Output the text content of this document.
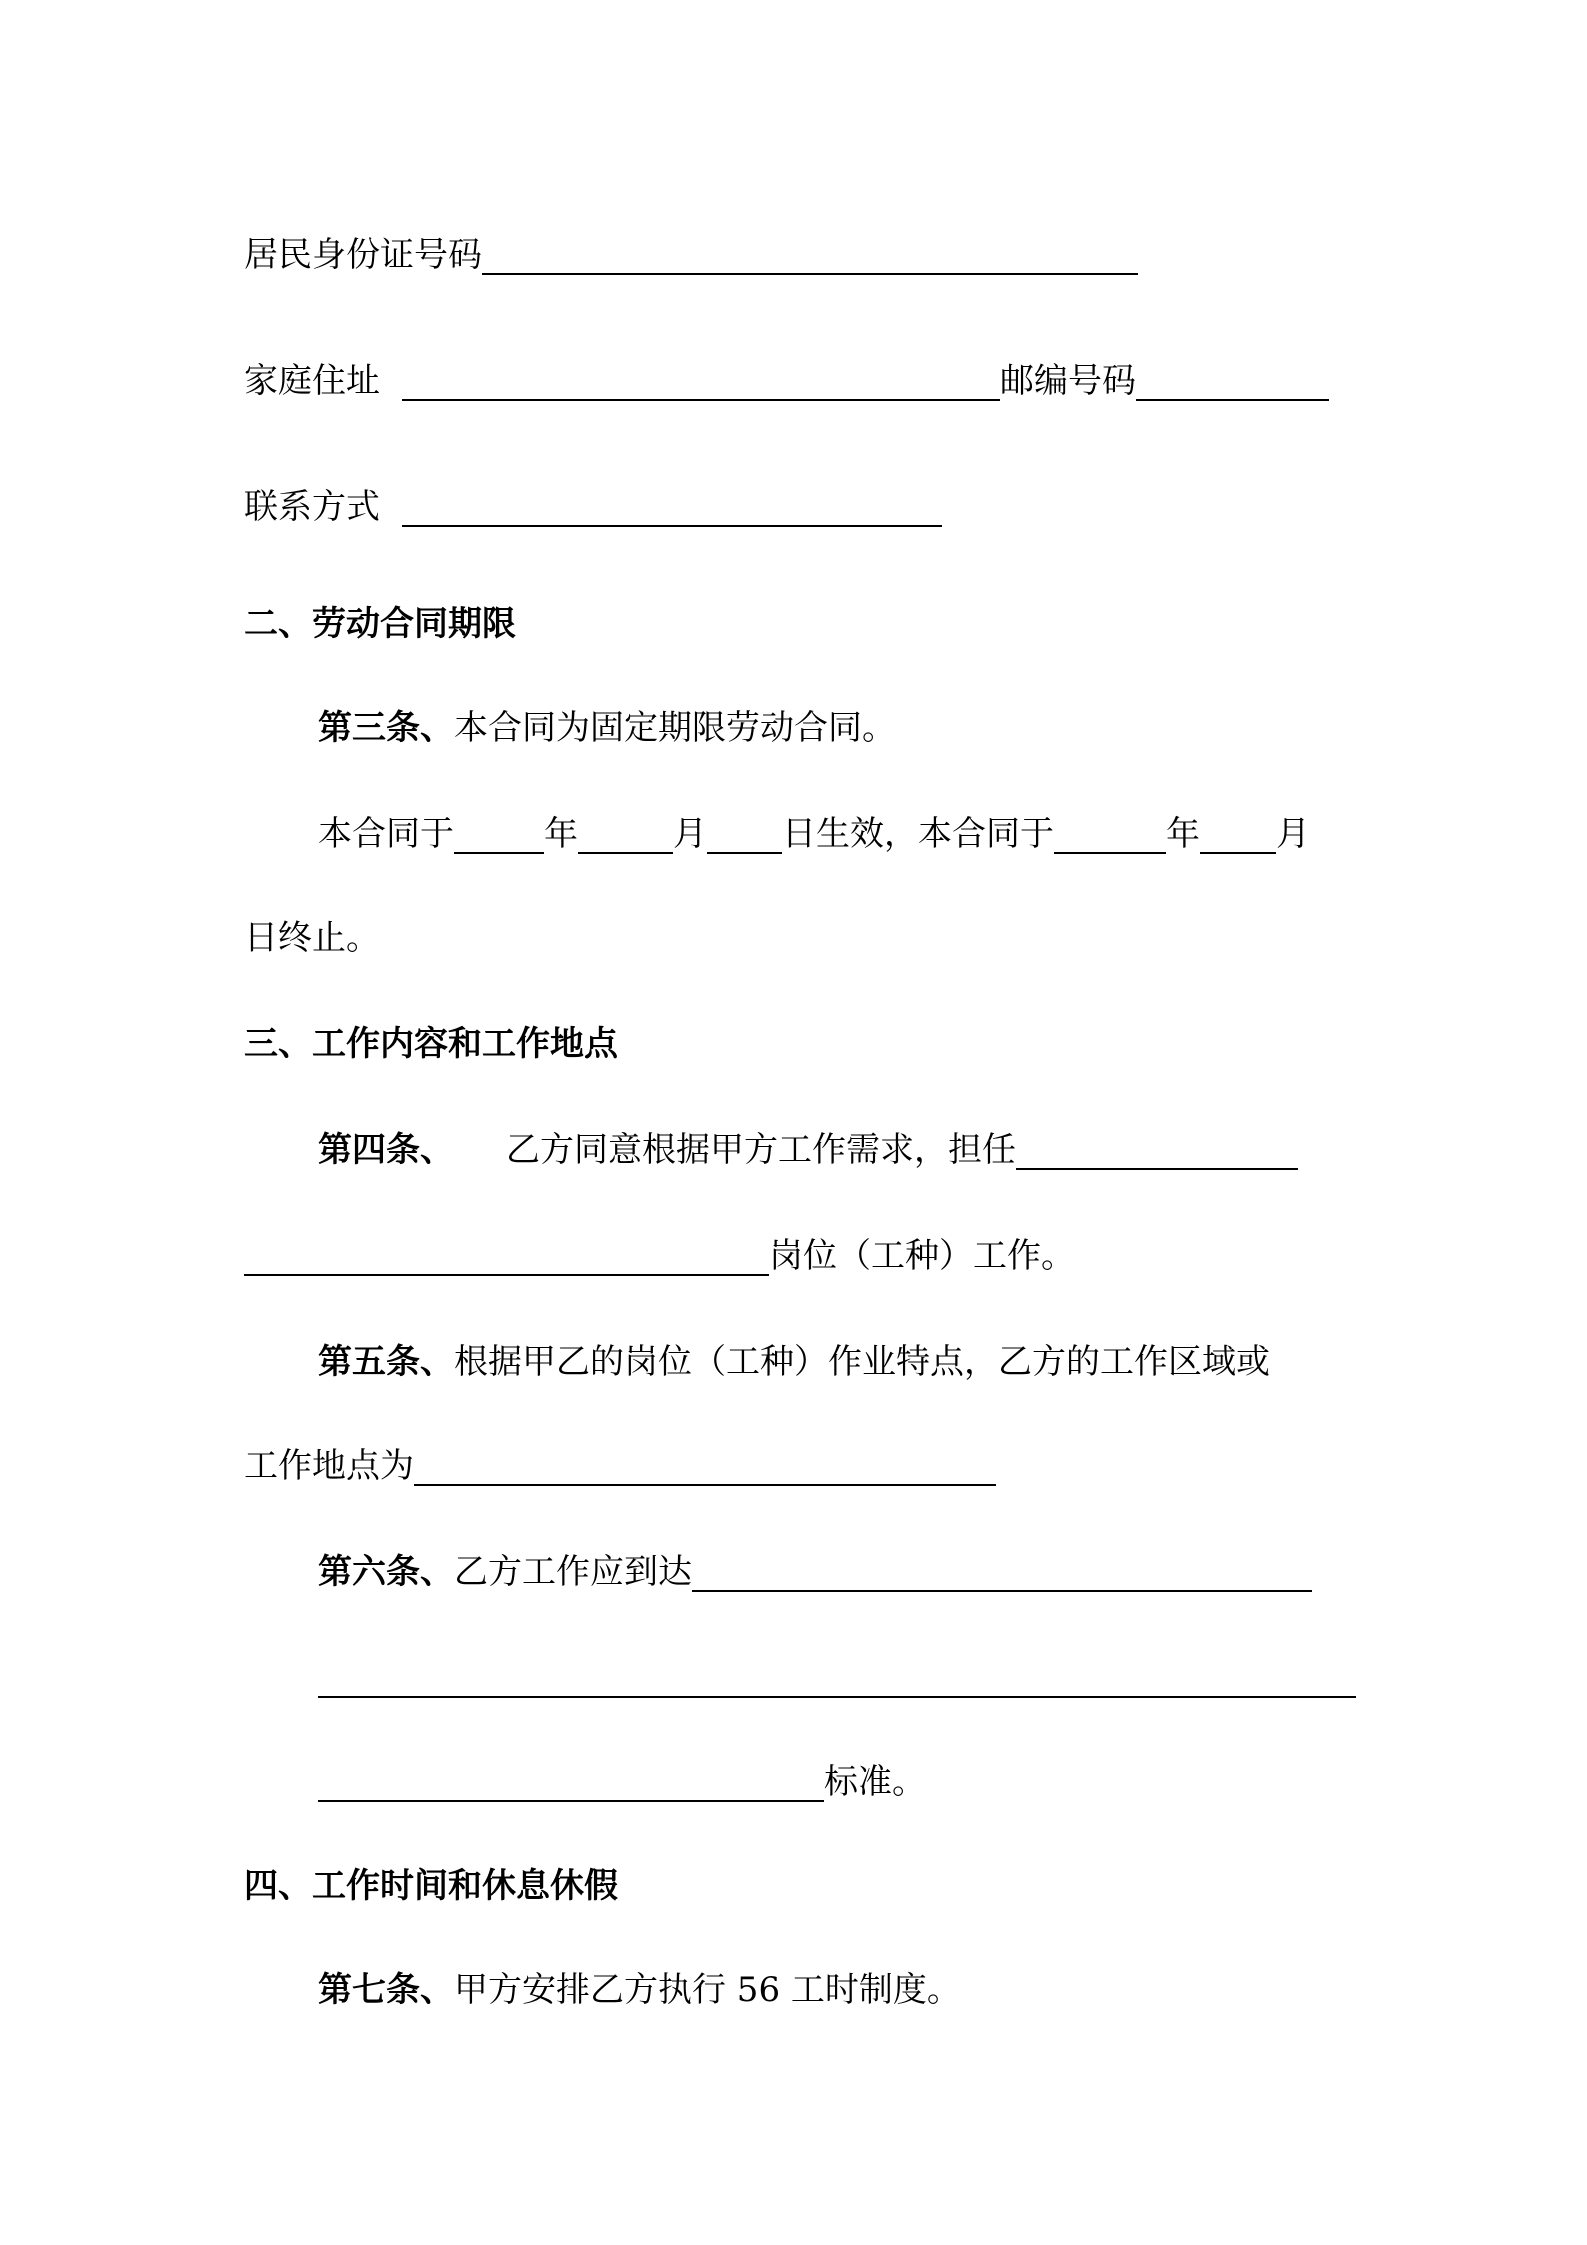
居民身份证号码
家庭住址	邮编号码
联系方式
二、劳动合同期限
第三条、 本合同为固定期限劳动合同。
本合同于	年	月 日生效，本合同于	年 月
日终止。
三、工作内容和工作地点
第四条、 乙方同意根据甲方工作需求，担任
岗位（工种）工作。
第五条、 根据甲乙的岗位（工种）作业特点，乙方的工作区域或
工作地点为
第六条、 乙方工作应到达
标准。
四、工作时间和休息休假
第七条、 甲方安排乙方执行 56 工时制度。
